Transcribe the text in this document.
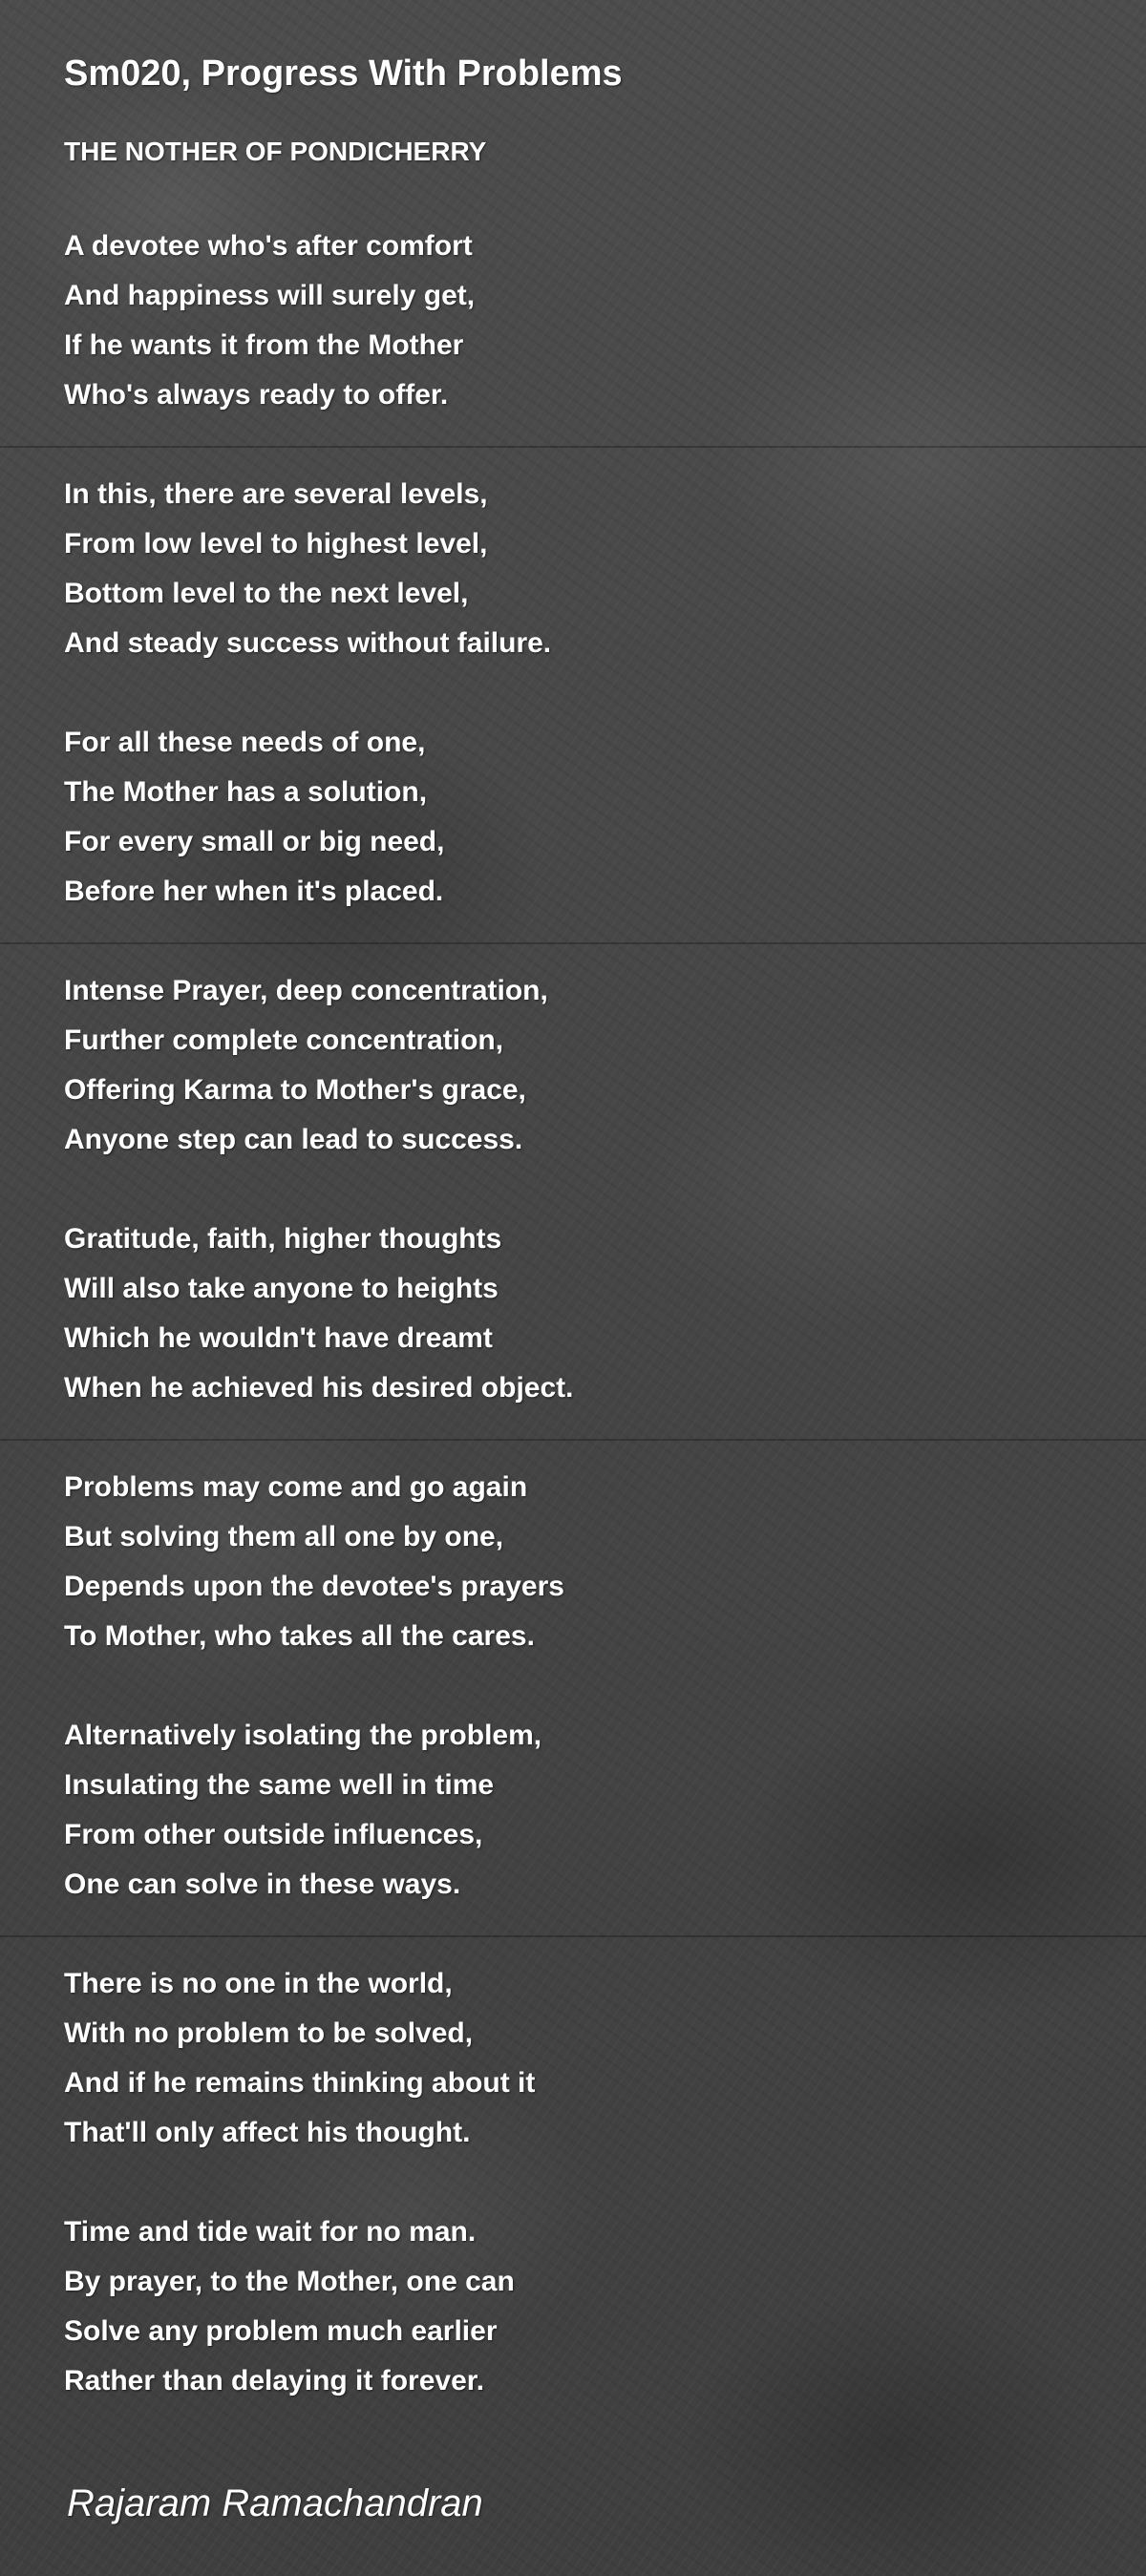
Sm020, Progress With Problems
THE NOTHER OF PONDICHERRY
A devotee who's after comfort
And happiness will surely get,
If he wants it from the Mother
Who's always ready to offer.
In this, there are several levels,
From low level to highest level,
Bottom level to the next level,
And steady success without failure.
For all these needs of one,
The Mother has a solution,
For every small or big need,
Before her when it's placed.
Intense Prayer, deep concentration,
Further complete concentration,
Offering Karma to Mother's grace,
Anyone step can lead to success.
Gratitude, faith, higher thoughts
Will also take anyone to heights
Which he wouldn't have dreamt
When he achieved his desired object.
Problems may come and go again
But solving them all one by one,
Depends upon the devotee's prayers
To Mother, who takes all the cares.
Alternatively isolating the problem,
Insulating the same well in time
From other outside influences,
One can solve in these ways.
There is no one in the world,
With no problem to be solved,
And if he remains thinking about it
That'll only affect his thought.
Time and tide wait for no man.
By prayer, to the Mother, one can
Solve any problem much earlier
Rather than delaying it forever.
Rajaram Ramachandran
